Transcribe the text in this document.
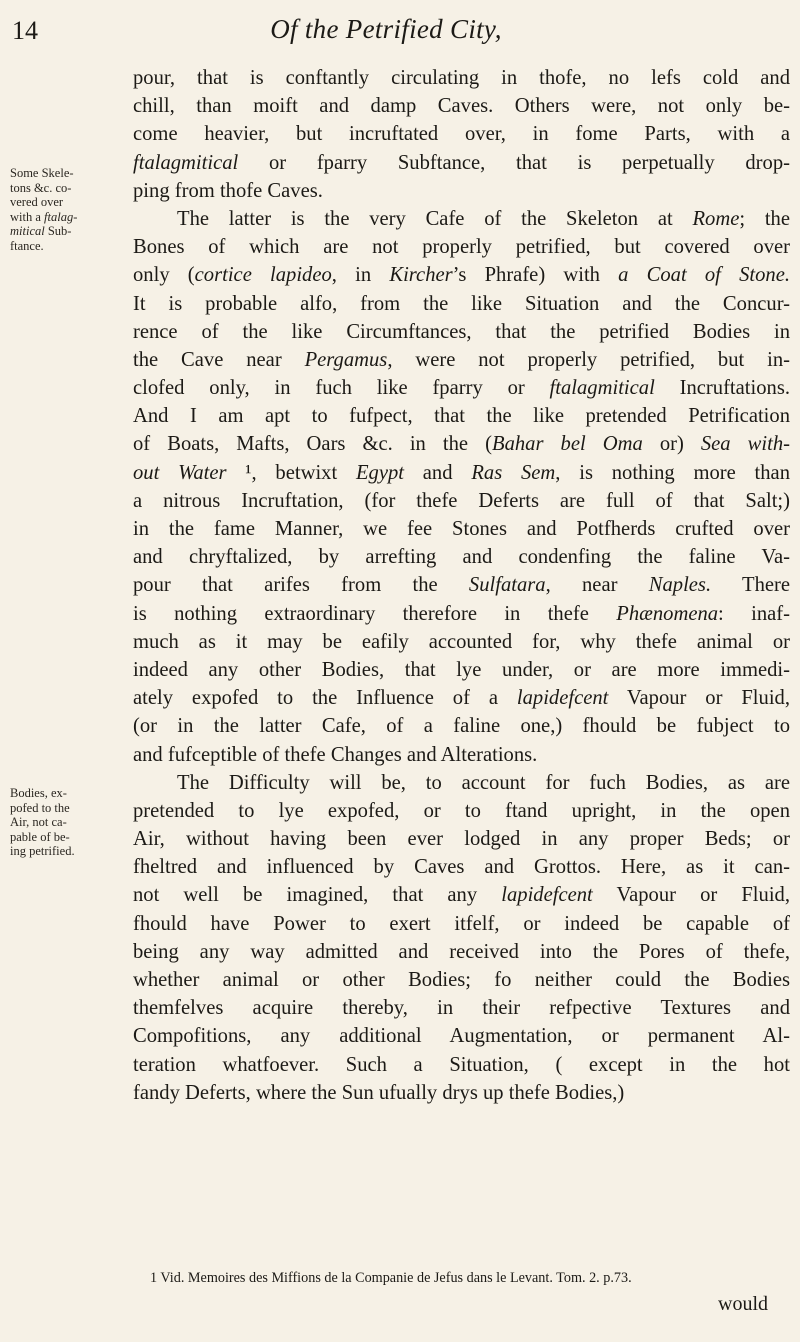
14	Of the Petrified City,
pour, that is conftantly circulating in thofe, no lefs cold and
chill, than moift and damp Caves. Others were, not only be-
come heavier, but incruftated over, in fome Parts, with a
ftalagmitical or fparry Subftance, that is perpetually drop-
ping from thofe Caves.
The latter is the very Cafe of the Skeleton at Rome; the
Bones of which are not properly petrified, but covered over
only (cortice lapideo, in Kircher’s Phrafe) with a Coat of Stone.
It is probable alfo, from the like Situation and the Concur-
rence of the like Circumftances, that the petrified Bodies in
the Cave near Pergamus, were not properly petrified, but in-
clofed only, in fuch like fparry or ftalagmitical Incruftations.
And I am apt to fufpect, that the like pretended Petrification
of Boats, Mafts, Oars &c. in the (Bahar bel Oma or) Sea with-
out Water ¹, betwixt Egypt and Ras Sem, is nothing more than
a nitrous Incruftation, (for thefe Deferts are full of that Salt;)
in the fame Manner, we fee Stones and Potfherds crufted over
and chryftalized, by arrefting and condenfing the faline Va-
pour that arifes from the Sulfatara, near Naples. There
is nothing extraordinary therefore in thefe Phænomena: inaf-
much as it may be eafily accounted for, why thefe animal or
indeed any other Bodies, that lye under, or are more immedi-
ately expofed to the Influence of a lapidefcent Vapour or Fluid,
(or in the latter Cafe, of a faline one,) fhould be fubject to
and fufceptible of thefe Changes and Alterations.
The Difficulty will be, to account for fuch Bodies, as are
pretended to lye expofed, or to ftand upright, in the open
Air, without having been ever lodged in any proper Beds; or
fheltred and influenced by Caves and Grottos. Here, as it can-
not well be imagined, that any lapidefcent Vapour or Fluid,
fhould have Power to exert itfelf, or indeed be capable of
being any way admitted and received into the Pores of thefe,
whether animal or other Bodies; fo neither could the Bodies
themfelves acquire thereby, in their refpective Textures and
Compofitions, any additional Augmentation, or permanent Al-
teration whatfoever. Such a Situation, ( except in the hot
fandy Deferts, where the Sun ufually drys up thefe Bodies,)
Some Skele-
tons &c. co-
vered over
with a ftalag-
mitical Sub-
ftance.
Bodies, ex-
pofed to the
Air, not ca-
pable of be-
ing petrified.
1 Vid. Memoires des Miffions de la Companie de Jefus dans le Levant. Tom. 2. p.73.
would
